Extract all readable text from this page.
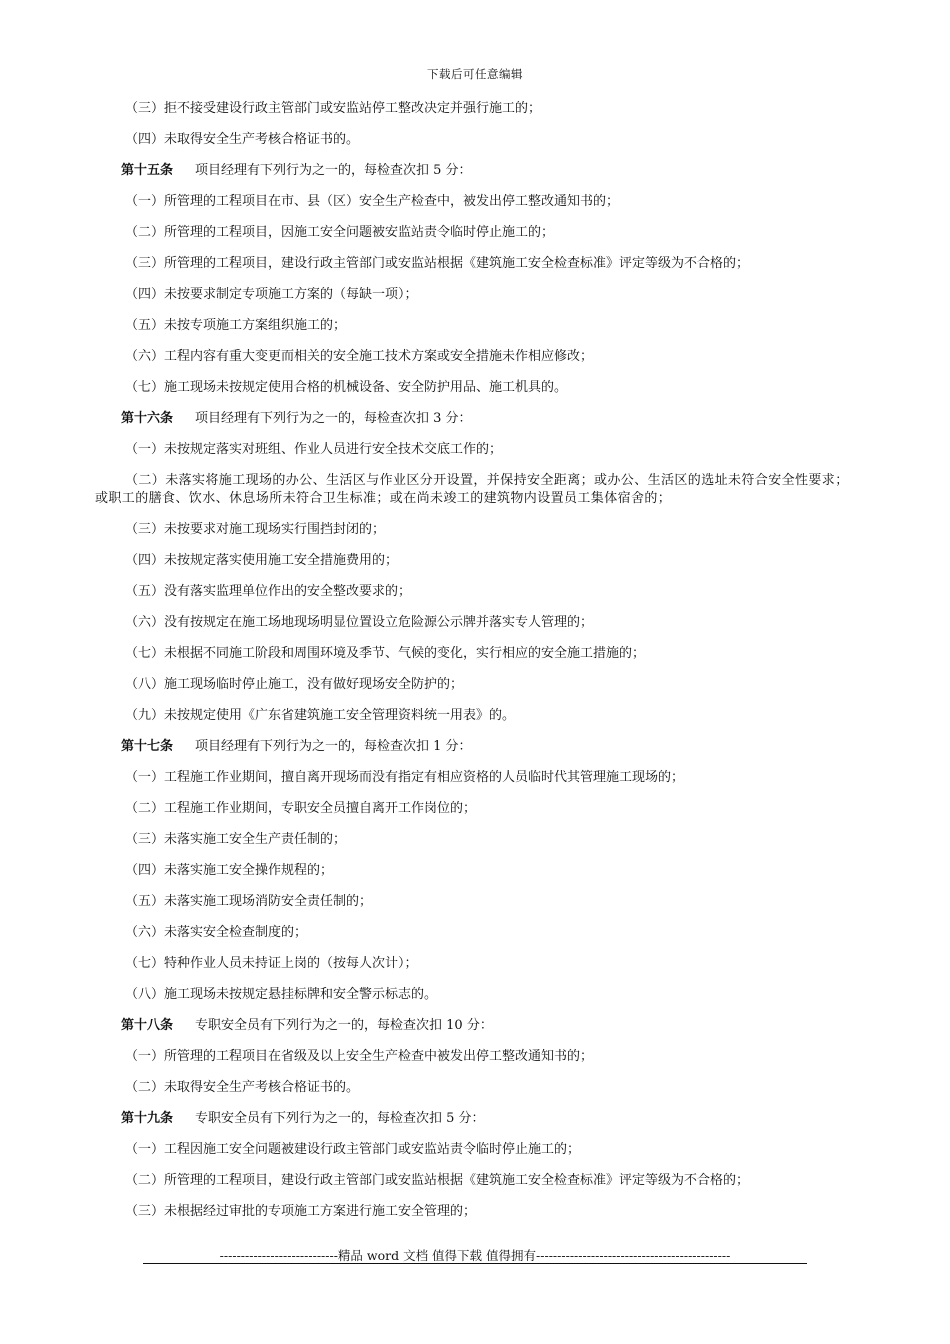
下载后可任意编辑
（三）拒不接受建设行政主管部门或安监站停工整改决定并强行施工的；
（四）未取得安全生产考核合格证书的。
第十五条 项目经理有下列行为之一的，每检查次扣 5 分：
（一）所管理的工程项目在市、县（区）安全生产检查中，被发出停工整改通知书的；
（二）所管理的工程项目，因施工安全问题被安监站责令临时停止施工的；
（三）所管理的工程项目，建设行政主管部门或安监站根据《建筑施工安全检查标准》评定等级为不合格的；
（四）未按要求制定专项施工方案的（每缺一项）；
（五）未按专项施工方案组织施工的；
（六）工程内容有重大变更而相关的安全施工技术方案或安全措施未作相应修改；
（七）施工现场未按规定使用合格的机械设备、安全防护用品、施工机具的。
第十六条 项目经理有下列行为之一的，每检查次扣 3 分：
（一）未按规定落实对班组、作业人员进行安全技术交底工作的；
（二）未落实将施工现场的办公、生活区与作业区分开设置，并保持安全距离；或办公、生活区的选址未符合安全性要求；或职工的膳食、饮水、休息场所未符合卫生标准；或在尚未竣工的建筑物内设置员工集体宿舍的；
（三）未按要求对施工现场实行围挡封闭的；
（四）未按规定落实使用施工安全措施费用的；
（五）没有落实监理单位作出的安全整改要求的；
（六）没有按规定在施工场地现场明显位置设立危险源公示牌并落实专人管理的；
（七）未根据不同施工阶段和周围环境及季节、气候的变化，实行相应的安全施工措施的；
（八）施工现场临时停止施工，没有做好现场安全防护的；
（九）未按规定使用《广东省建筑施工安全管理资料统一用表》的。
第十七条 项目经理有下列行为之一的，每检查次扣 1 分：
（一）工程施工作业期间，擅自离开现场而没有指定有相应资格的人员临时代其管理施工现场的；
（二）工程施工作业期间，专职安全员擅自离开工作岗位的；
（三）未落实施工安全生产责任制的；
（四）未落实施工安全操作规程的；
（五）未落实施工现场消防安全责任制的；
（六）未落实安全检查制度的；
（七）特种作业人员未持证上岗的（按每人次计）；
（八）施工现场未按规定悬挂标牌和安全警示标志的。
第十八条 专职安全员有下列行为之一的，每检查次扣 10 分：
（一）所管理的工程项目在省级及以上安全生产检查中被发出停工整改通知书的；
（二）未取得安全生产考核合格证书的。
第十九条 专职安全员有下列行为之一的，每检查次扣 5 分：
（一）工程因施工安全问题被建设行政主管部门或安监站责令临时停止施工的；
（二）所管理的工程项目，建设行政主管部门或安监站根据《建筑施工安全检查标准》评定等级为不合格的；
（三）未根据经过审批的专项施工方案进行施工安全管理的；
----------------------------精品 word 文档 值得下载 值得拥有----------------------------------------------
